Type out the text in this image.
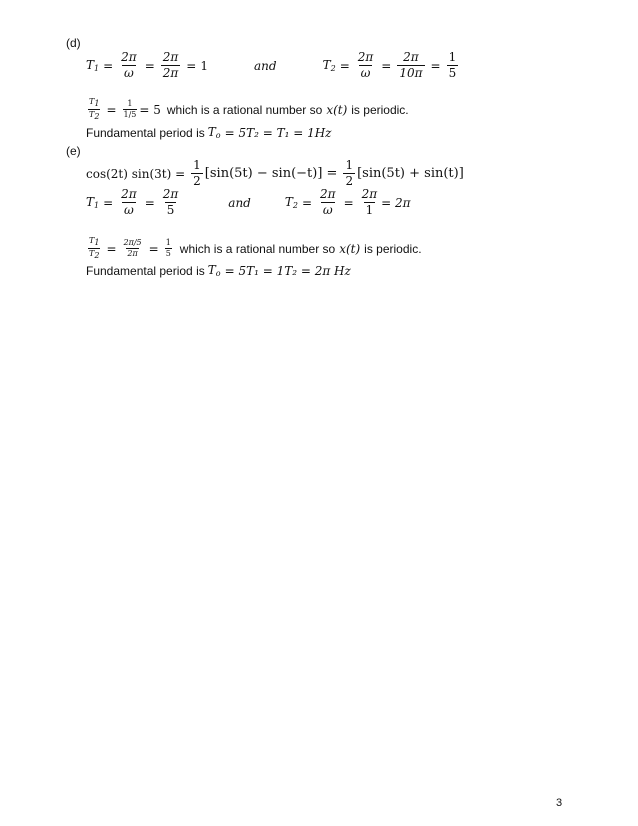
(d)
$T_1 = \frac{2\pi}{\omega} = \frac{2\pi}{2\pi} = 1$	and	$T_2 = \frac{2\pi}{\omega} = \frac{2\pi}{10\pi} = \frac{1}{5}$
$\frac{T_1}{T_2} = \frac{1}{1/5} = 5$ which is a rational number so x(t) is periodic.
Fundamental period is $T_o = 5T_2 = T_1 = 1Hz$
(e)
cos(2t) sin(3t) =
1
2 [sin(5t) − sin(−t)] =
1
2 [sin(5t) + sin(t)]
$T_1 = \frac{2\pi}{\omega} = \frac{2\pi}{5}$	and	$T_2 = \frac{2\pi}{\omega} = \frac{2\pi}{1} = 2\pi$
$\frac{T_1}{T_2} = \frac{2\pi/5}{2\pi} = \frac{1}{5}$ which is a rational number so x(t) is periodic.
Fundamental period is $T_o = 5T_1 = 1T_2 = 2\pi$ Hz
3
